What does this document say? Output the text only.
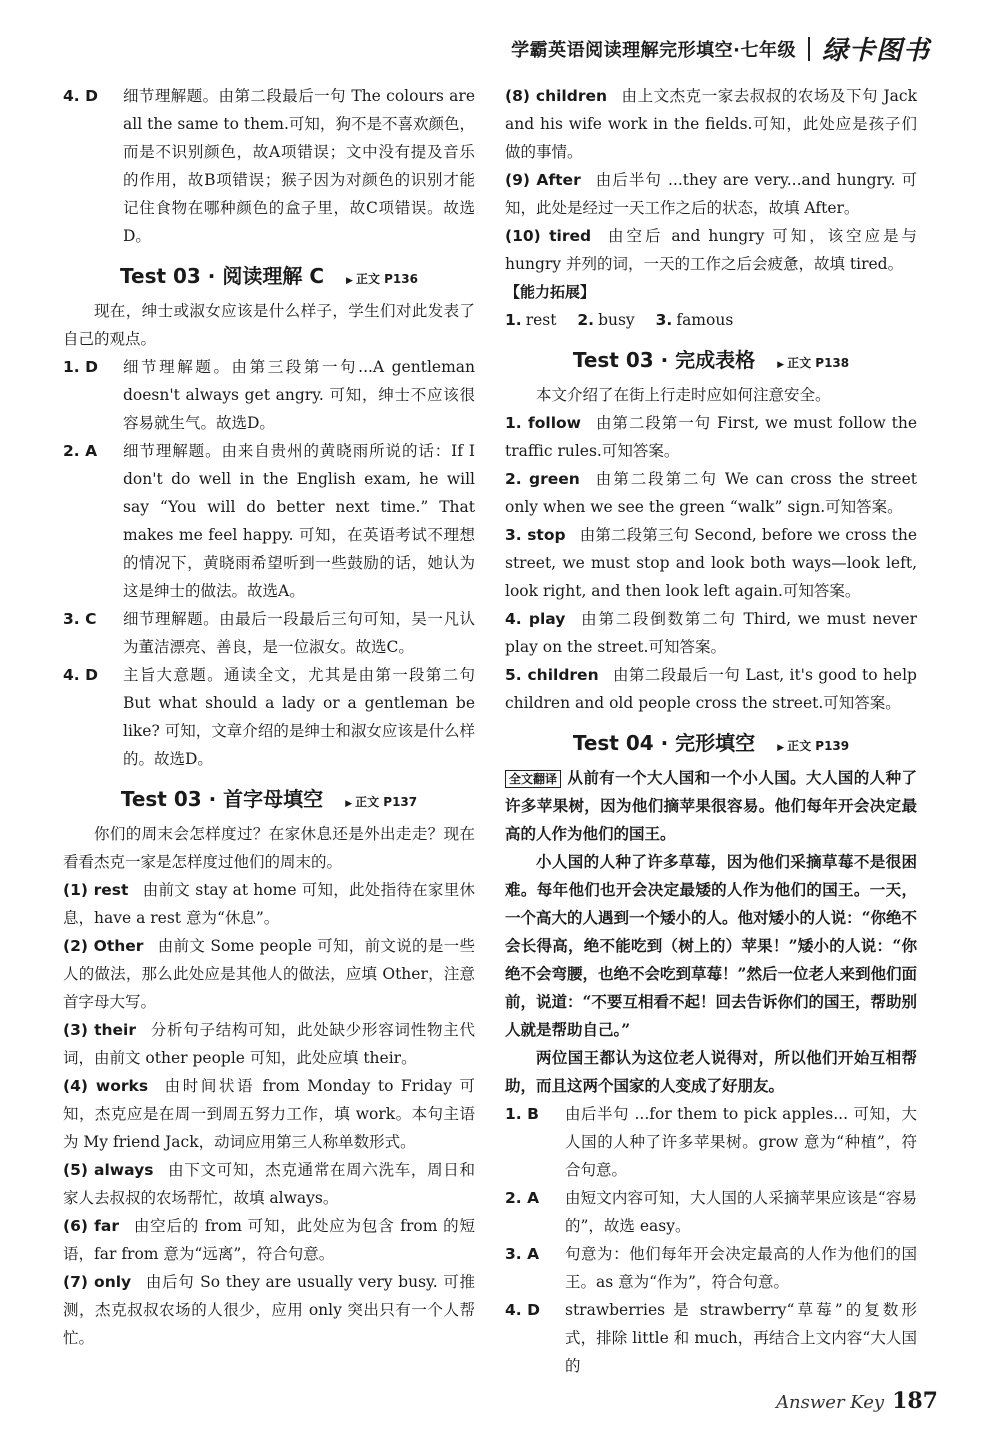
学霸英语阅读理解完形填空·七年级 绿卡图书
4. D	细节理解题。由第二段最后一句 The colours are all the same to them.可知，狗不是不喜欢颜色，而是不识别颜色，故A项错误；文中没有提及音乐的作用，故B项错误；猴子因为对颜色的识别才能记住食物在哪种颜色的盒子里，故C项错误。故选D。
Test 03 · 阅读理解 C	▶ 正文 P136
现在，绅士或淑女应该是什么样子，学生们对此发表了自己的观点。
1. D	细节理解题。由第三段第一句...A gentleman doesn't always get angry. 可知，绅士不应该很容易就生气。故选D。
2. A	细节理解题。由来自贵州的黄晓雨所说的话：If I don't do well in the English exam, he will say “You will do better next time.” That makes me feel happy. 可知，在英语考试不理想的情况下，黄晓雨希望听到一些鼓励的话，她认为这是绅士的做法。故选A。
3. C	细节理解题。由最后一段最后三句可知，吴一凡认为董洁漂亮、善良，是一位淑女。故选C。
4. D	主旨大意题。通读全文，尤其是由第一段第二句 But what should a lady or a gentleman be like? 可知，文章介绍的是绅士和淑女应该是什么样的。故选D。
Test 03 · 首字母填空	▶ 正文 P137
你们的周末会怎样度过？在家休息还是外出走走？现在看看杰克一家是怎样度过他们的周末的。
(1) rest 由前文 stay at home 可知，此处指待在家里休息，have a rest 意为“休息”。
(2) Other 由前文 Some people 可知，前文说的是一些人的做法，那么此处应是其他人的做法，应填 Other，注意首字母大写。
(3) their 分析句子结构可知，此处缺少形容词性物主代词，由前文 other people 可知，此处应填 their。
(4) works 由时间状语 from Monday to Friday 可知，杰克应是在周一到周五努力工作，填 work。本句主语为 My friend Jack，动词应用第三人称单数形式。
(5) always 由下文可知，杰克通常在周六洗车，周日和家人去叔叔的农场帮忙，故填 always。
(6) far 由空后的 from 可知，此处应为包含 from 的短语，far from 意为“远离”，符合句意。
(7) only 由后句 So they are usually very busy. 可推测，杰克叔叔农场的人很少，应用 only 突出只有一个人帮忙。
(8) children 由上文杰克一家去叔叔的农场及下句 Jack and his wife work in the fields.可知，此处应是孩子们做的事情。
(9) After 由后半句 ...they are very...and hungry. 可知，此处是经过一天工作之后的状态，故填 After。
(10) tired 由空后 and hungry 可知，该空应是与 hungry 并列的词，一天的工作之后会疲惫，故填 tired。
【能力拓展】
1. rest 2. busy 3. famous
Test 03 · 完成表格	▶ 正文 P138
本文介绍了在街上行走时应如何注意安全。
1. follow 由第二段第一句 First, we must follow the traffic rules.可知答案。
2. green 由第二段第二句 We can cross the street only when we see the green “walk” sign.可知答案。
3. stop 由第二段第三句 Second, before we cross the street, we must stop and look both ways—look left, look right, and then look left again.可知答案。
4. play 由第二段倒数第二句 Third, we must never play on the street.可知答案。
5. children 由第二段最后一句 Last, it's good to help children and old people cross the street.可知答案。
Test 04 · 完形填空	▶ 正文 P139
全文翻译 从前有一个大人国和一个小人国。大人国的人种了许多苹果树，因为他们摘苹果很容易。他们每年开会决定最高的人作为他们的国王。
小人国的人种了许多草莓，因为他们采摘草莓不是很困难。每年他们也开会决定最矮的人作为他们的国王。一天，一个高大的人遇到一个矮小的人。他对矮小的人说：“你绝不会长得高，绝不能吃到（树上的）苹果！”矮小的人说：“你绝不会弯腰，也绝不会吃到草莓！”然后一位老人来到他们面前，说道：“不要互相看不起！回去告诉你们的国王，帮助别人就是帮助自己。”
两位国王都认为这位老人说得对，所以他们开始互相帮助，而且这两个国家的人变成了好朋友。
1. B	由后半句 ...for them to pick apples... 可知，大人国的人种了许多苹果树。grow 意为“种植”，符合句意。
2. A	由短文内容可知，大人国的人采摘苹果应该是“容易的”，故选 easy。
3. A	句意为：他们每年开会决定最高的人作为他们的国王。as 意为“作为”，符合句意。
4. D	strawberries 是 strawberry“草莓”的复数形式，排除 little 和 much，再结合上文内容“大人国的
Answer Key 187
